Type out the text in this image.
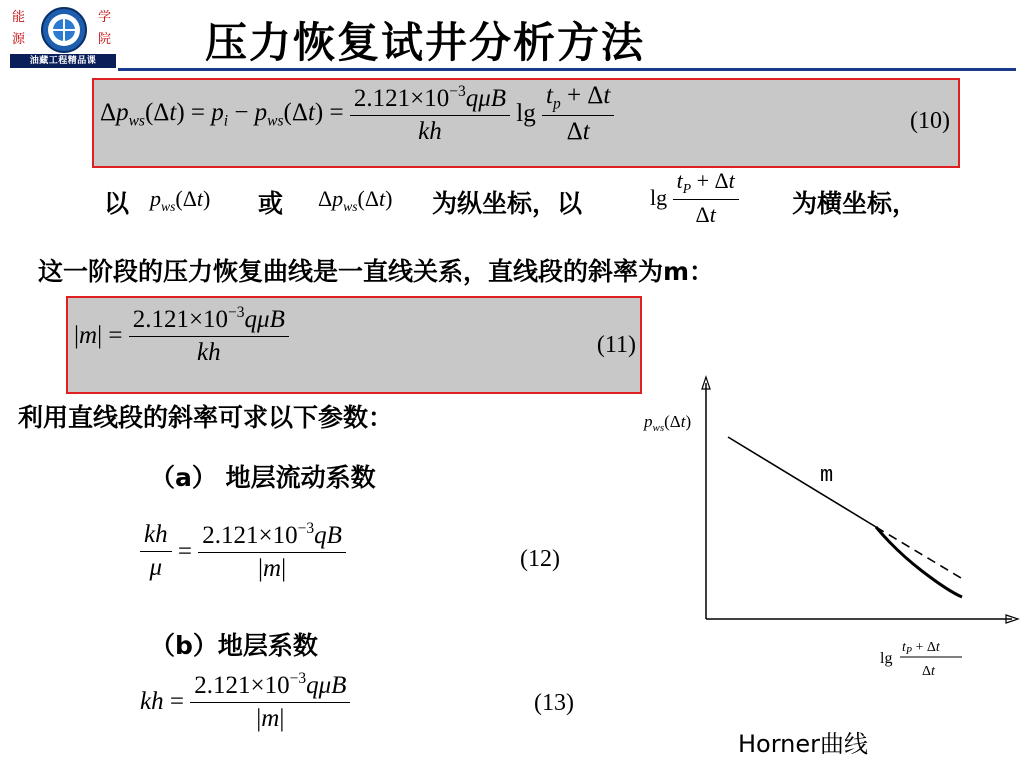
能	学
源	院
油藏工程精品课	压力恢复试井分析方法
$\Delta p_{ws}(\Delta t) = p_i - p_{ws}(\Delta t) = \frac{2.121\times 10^{-3}q\mu B}{kh}$ $\lg \frac{t_p + \Delta t}{\Delta t}$	(10)
以 $p_{ws}(\Delta t)$ 或 $\Delta p_{ws}(\Delta t)$ 为纵坐标，以	$\lg \frac{t_P + \Delta t}{\Delta t}$ 为横坐标，
这一阶段的压力恢复曲线是一直线关系，直线段的斜率为m：
$|m| = \frac{2.121\times 10^{-3}q\mu B}{kh}$	(11)
利用直线段的斜率可求以下参数：
（a） 地层流动系数
$\frac{kh}{\mu} = \frac{2.121\times 10^{-3}qB}{|m|}$	(12)
（b）地层系数
kh = $\frac{2.121\times 10^{-3}q\mu B}{|m|}$	(13)
m
$p_{ws}(\Delta t)$
lg
$t_P + \Delta t$
Δt
Horner曲线
